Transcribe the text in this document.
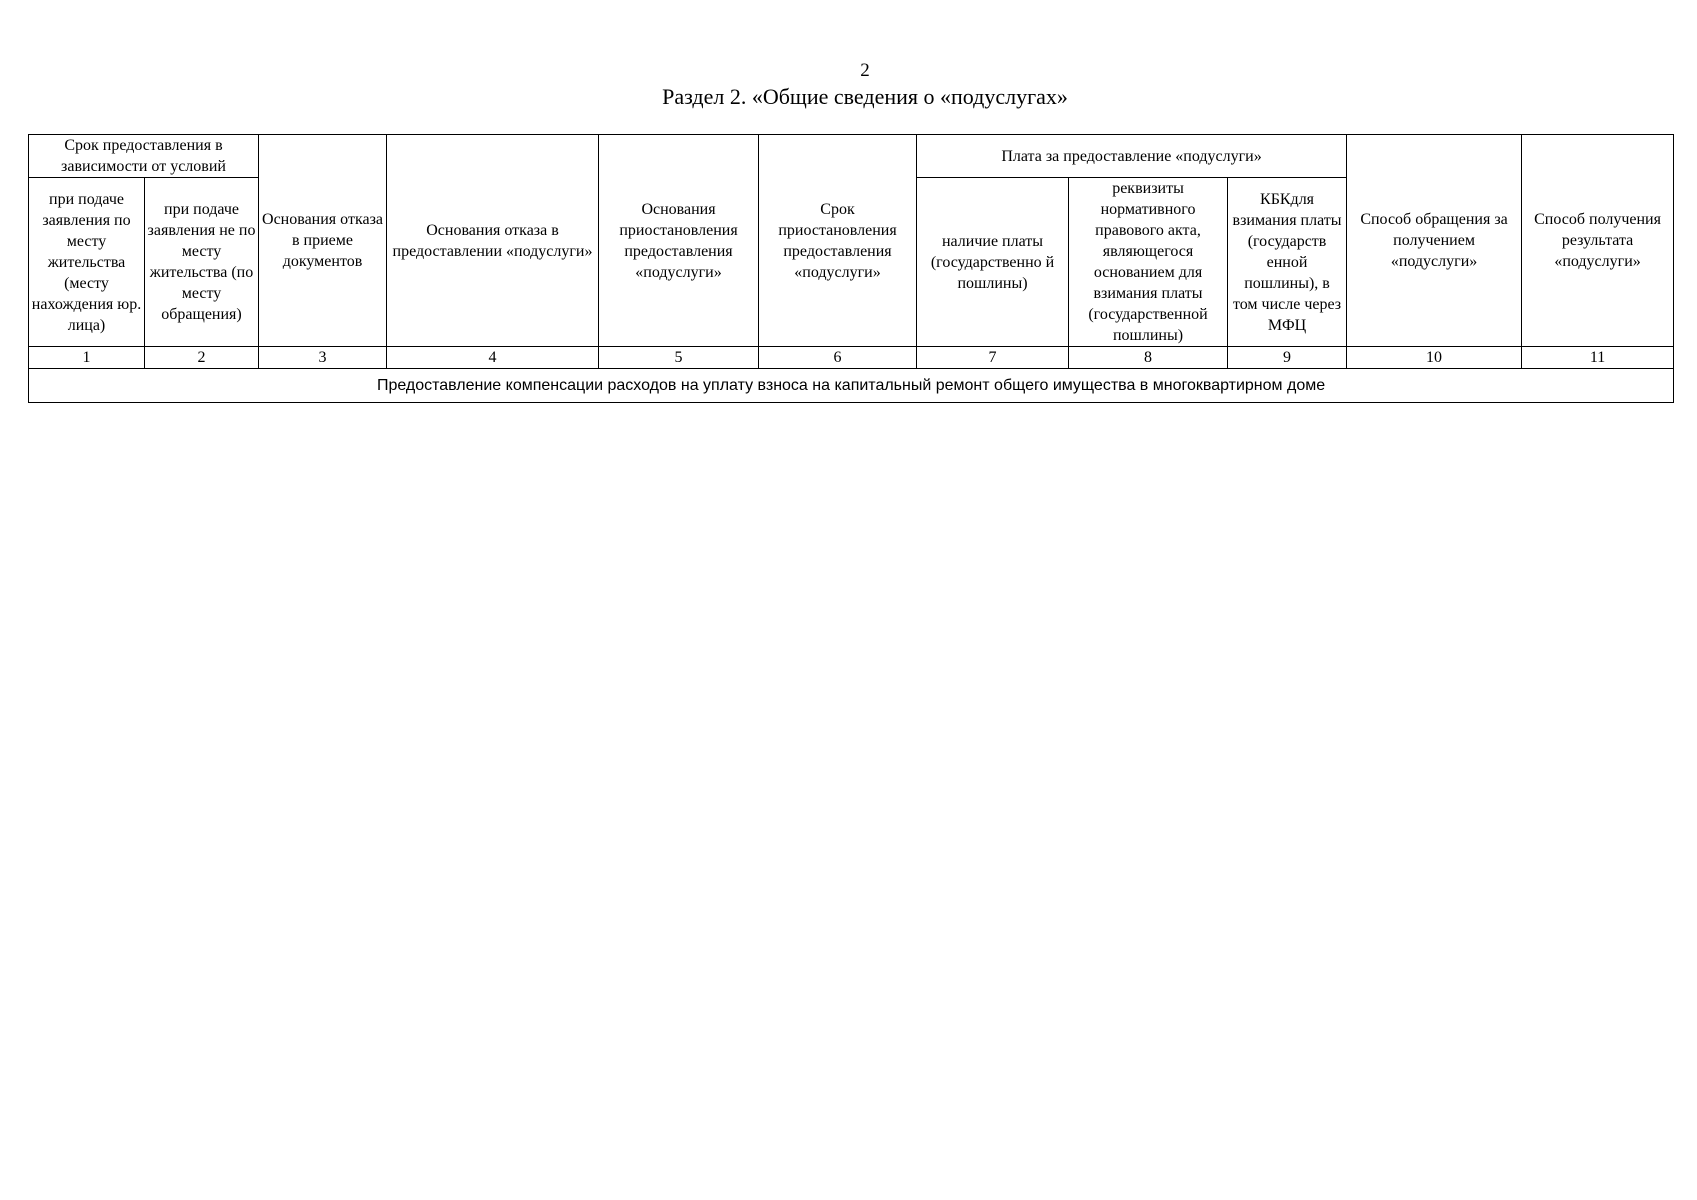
2
Раздел 2. «Общие сведения о «подуслугах»
Срок предоставления в зависимости от условий		Основания отказа в приеме документов	Основания отказа в предоставлении «подуслуги»	Основания приостановления предоставления «подуслуги»	Срок приостановления предоставления «подуслуги»	Плата за предоставление «подуслуги»			Способ обращения за получением «подуслуги»	Способ получения результата «подуслуги»
при подаче заявления по месту жительства (месту нахождения юр. лица)	при подаче заявления не по месту жительства (по месту обращения)					наличие платы (государственно й пошлины)	реквизиты нормативного правового акта, являющегося основанием для взимания платы (государственной пошлины)	КБКдля взимания платы (государств енной пошлины), в том числе через МФЦ		
1	2	3	4	5	6	7	8	9	10	11
Предоставление компенсации расходов на уплату взноса на капитальный ремонт общего имущества в многоквартирном доме										
